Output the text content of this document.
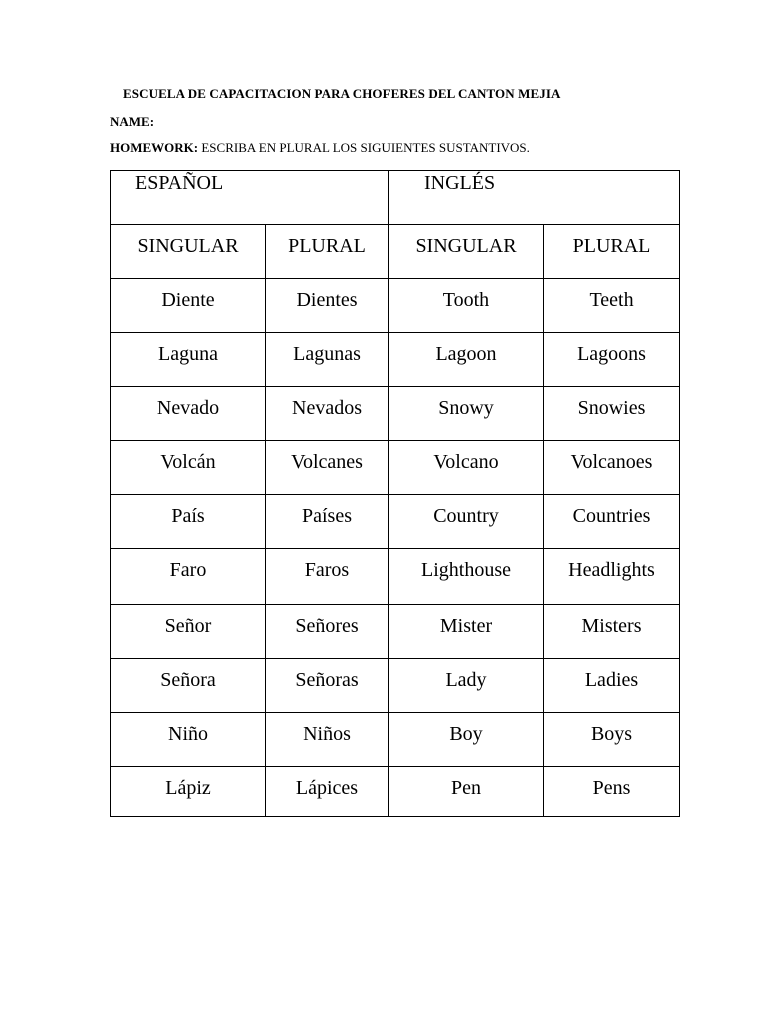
ESCUELA DE CAPACITACION PARA CHOFERES DEL CANTON MEJIA
NAME:
HOMEWORK: ESCRIBA EN PLURAL LOS SIGUIENTES SUSTANTIVOS.
ESPAÑOL		INGLÉS	

SINGULAR	PLURAL	SINGULAR	PLURAL

Diente	Dientes	Tooth	Teeth

Laguna	Lagunas	Lagoon	Lagoons

Nevado	Nevados	Snowy	Snowies

Volcán	Volcanes	Volcano	Volcanoes

País	Países	Country	Countries

Faro	Faros	Lighthouse	Headlights

Señor	Señores	Mister	Misters

Señora	Señoras	Lady	Ladies

Niño	Niños	Boy	Boys

Lápiz	Lápices	Pen	Pens
